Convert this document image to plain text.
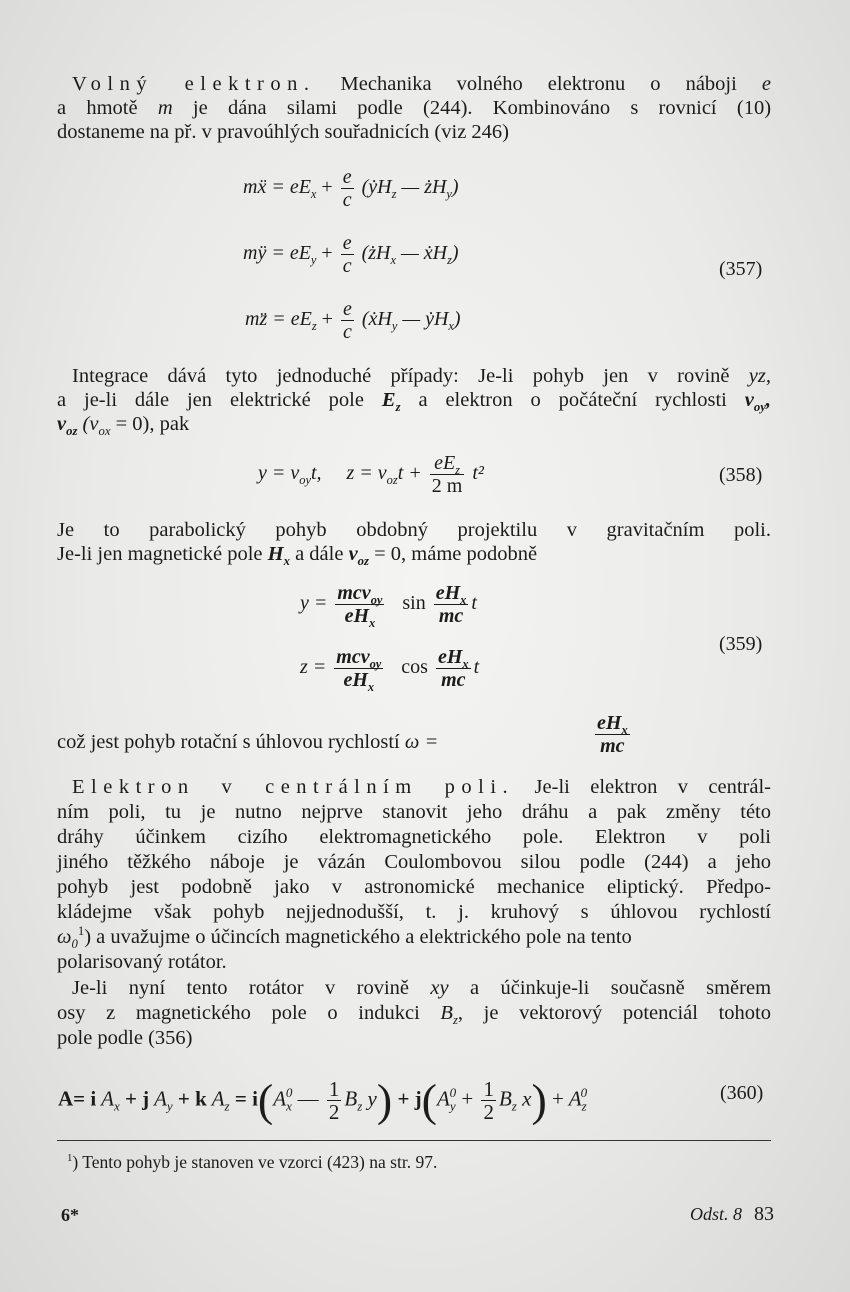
Volný elektron. Mechanika volného elektronu o náboji e
a hmotě m je dána silami podle (244). Kombinováno s rovnicí (10)
dostaneme na př. v pravoúhlých souřadnicích (viz 246)
mẍ = $eE_x + \frac{e}{c}$ (ẏH$_z$ — $żH_y$)
mÿ = $eE_y + \frac{e}{c}$ ($żH_x$ — ẋH$_z$)
(357)
mz̈ = $eE_z + \frac{e}{c}$ (ẋH$_y$ — ẏH$_x$)
Integrace dává tyto jednoduché případy: Je-li pohyb jen v rovině yz,
a je-li dále jen elektrické pole $E_z$ a elektron o počáteční rychlosti $v_{oy}$,
$v_{oz}$ $(v_{ox} = 0)$, pak
$y = v_{oy}t$, $z = v_{oz}t + \frac{eE_z}{2 m} t^2$	(358)
Je to parabolický pohyb obdobný projektilu v gravitačním poli.
Je-li jen magnetické pole $H_x$ a dále $v_{oz} = 0$, máme podobně
$y = \frac{mcv_{oy}}{eH_x}$ $\sin \frac{eH_x}{mc}$ t
(359)
$z = \frac{mcv_{oy}}{eH_x}$ $\cos \frac{eH_x}{mc}$ t
což jest pohyb rotační s úhlovou rychlostí ω =	$\frac{eH_x}{mc}$
Elektron v centrálním poli. Je-li elektron v centrál-
ním poli, tu je nutno nejprve stanovit jeho dráhu a pak změny této
dráhy účinkem cizího elektromagnetického pole. Elektron v poli
jiného těžkého náboje je vázán Coulombovou silou podle (244) a jeho
pohyb jest podobně jako v astronomické mechanice eliptický. Předpo-
kládejme však pohyb nejjednodušší, t. j. kruhový s úhlovou rychlostí
$\omega_0^1$) a uvažujme o účincích magnetického a elektrického pole na tento
polarisovaný rotátor.
Je-li nyní tento rotátor v rovině xy a účinkuje-li současně směrem
osy z magnetického pole o indukci $B_z$, je vektorový potenciál tohoto
pole podle (356)
A= i $A_x + j$ $A_y + k$ $A_z = i(A_x^0$ — $\frac{1}{2} B_z$ $y) + j(A_y^0 + \frac{1}{2} B_z$ $x) + A_z^0$	(360)
$^1$) Tento pohyb je stanoven ve vzorci (423) na str. 97.
6*	Odst. 8 83
